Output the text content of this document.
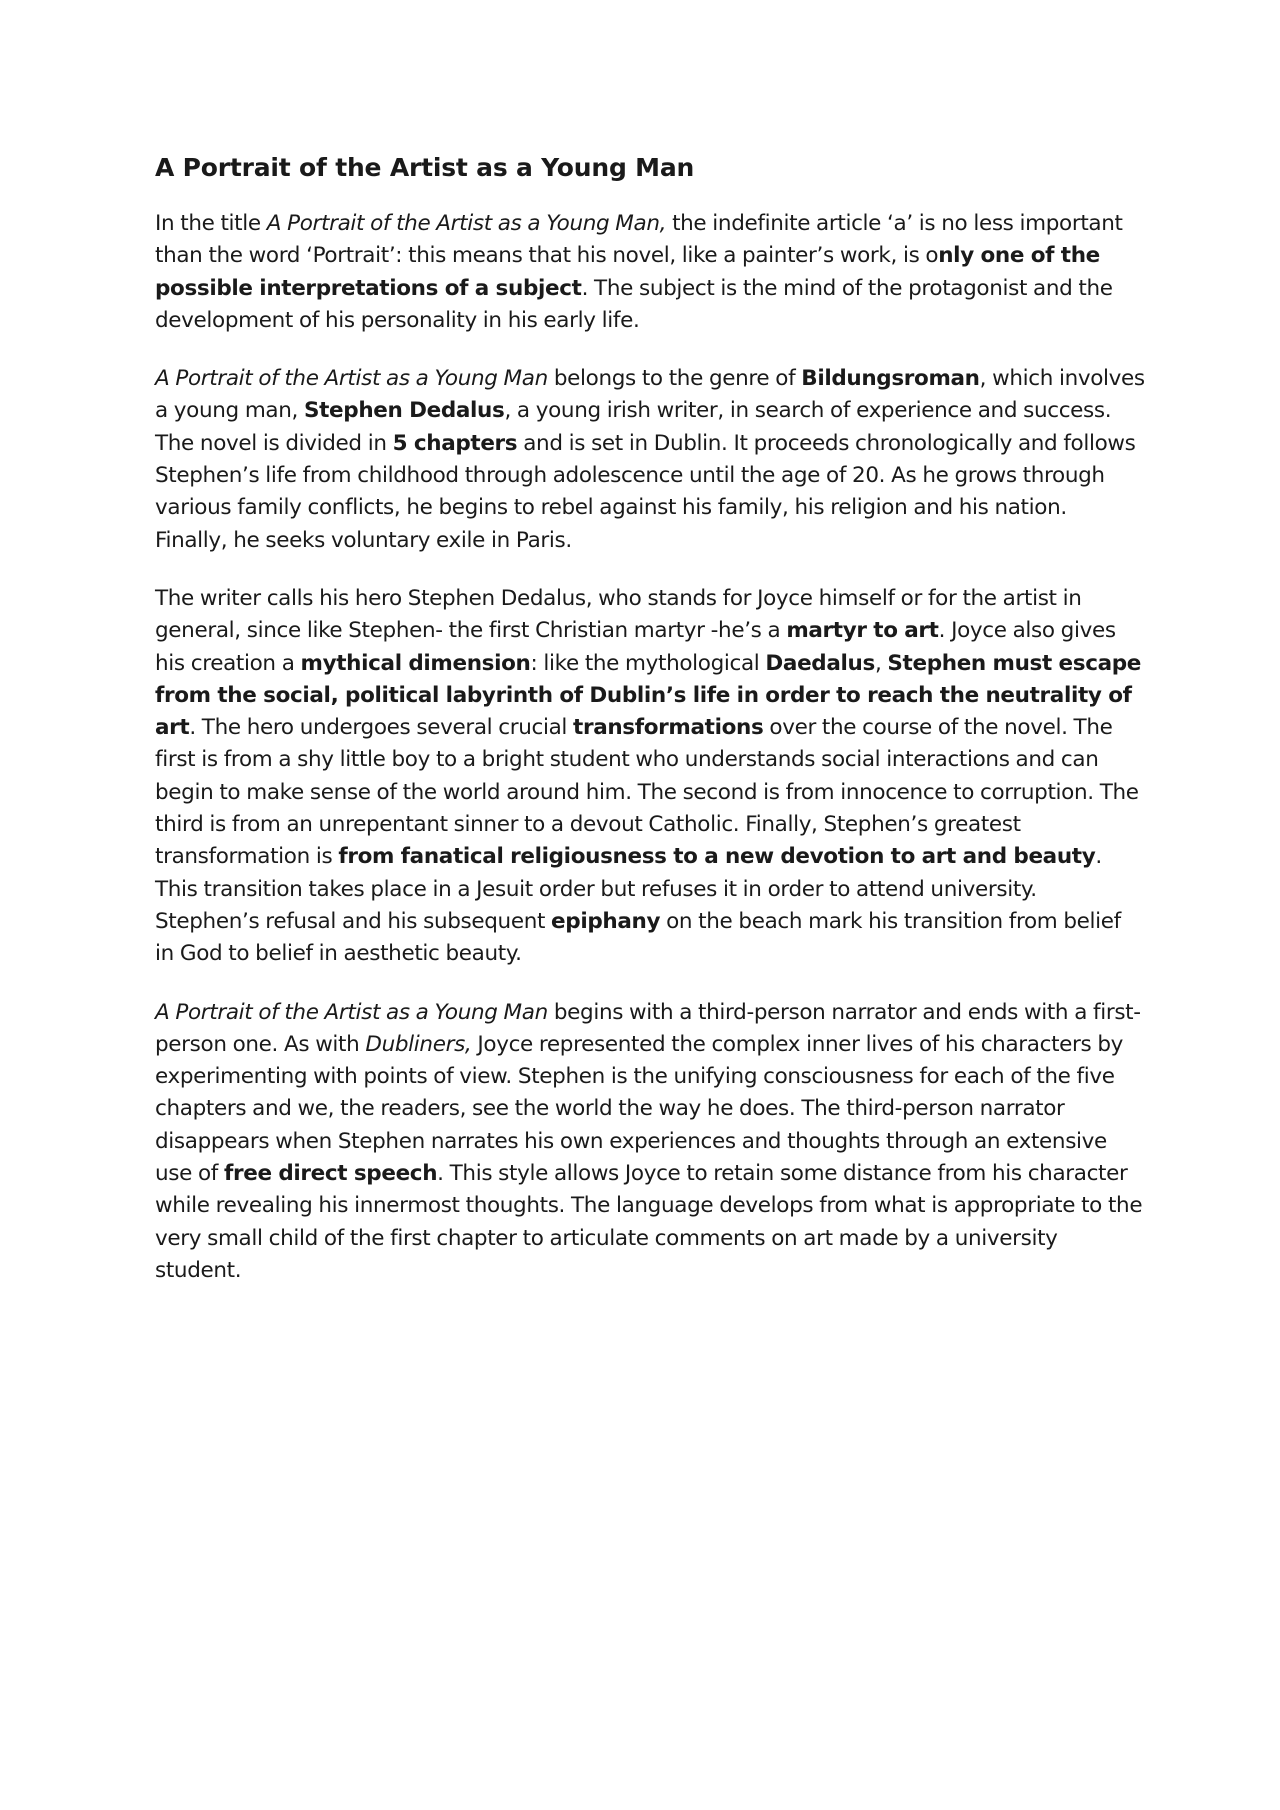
A Portrait of the Artist as a Young Man

In the title A Portrait of the Artist as a Young Man, the indefinite article ‘a’ is no less important than the word ‘Portrait’: this means that his novel, like a painter’s work, is only one of the possible interpretations of a subject. The subject is the mind of the protagonist and the development of his personality in his early life.

A Portrait of the Artist as a Young Man belongs to the genre of Bildungsroman, which involves a young man, Stephen Dedalus, a young irish writer, in search of experience and success. The novel is divided in 5 chapters and is set in Dublin. It proceeds chronologically and follows Stephen’s life from childhood through adolescence until the age of 20. As he grows through various family conflicts, he begins to rebel against his family, his religion and his nation. Finally, he seeks voluntary exile in Paris.

The writer calls his hero Stephen Dedalus, who stands for Joyce himself or for the artist in general, since like Stephen- the first Christian martyr -he’s a martyr to art. Joyce also gives his creation a mythical dimension: like the mythological Daedalus, Stephen must escape from the social, political labyrinth of Dublin’s life in order to reach the neutrality of art. The hero undergoes several crucial transformations over the course of the novel. The first is from a shy little boy to a bright student who understands social interactions and can begin to make sense of the world around him. The second is from innocence to corruption. The third is from an unrepentant sinner to a devout Catholic. Finally, Stephen’s greatest transformation is from fanatical religiousness to a new devotion to art and beauty. This transition takes place in a Jesuit order but refuses it in order to attend university. Stephen’s refusal and his subsequent epiphany on the beach mark his transition from belief in God to belief in aesthetic beauty.

A Portrait of the Artist as a Young Man begins with a third-person narrator and ends with a first-person one. As with Dubliners, Joyce represented the complex inner lives of his characters by experimenting with points of view. Stephen is the unifying consciousness for each of the five chapters and we, the readers, see the world the way he does. The third-person narrator disappears when Stephen narrates his own experiences and thoughts through an extensive use of free direct speech. This style allows Joyce to retain some distance from his character while revealing his innermost thoughts. The language develops from what is appropriate to the very small child of the first chapter to articulate comments on art made by a university student.
